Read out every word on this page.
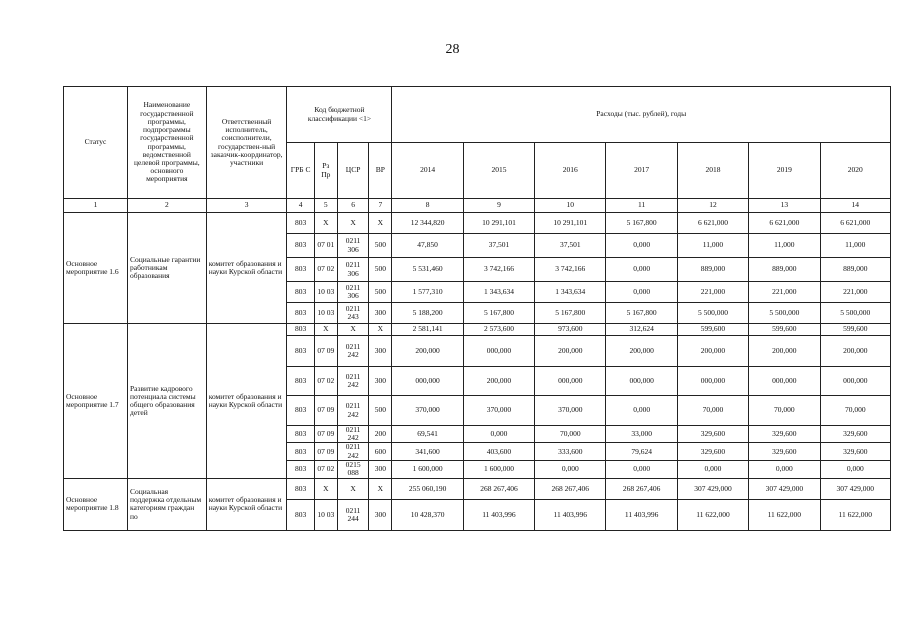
28
Статус	Наименование государственной программы, подпрограммы государственной программы, ведомственной целевой программы, основного мероприятия	Ответственный исполнитель, соисполнители, государствен-ный заказчик-координатор, участники	Код бюджетной классификации <1>				Расходы (тыс. рублей), годы						
			ГРБ С	Рз Пр	ЦСР	ВР	2014	2015	2016	2017	2018	2019	2020
1	2	3	4	5	6	7	8	9	10	11	12	13	14
Основное мероприятие 1.6	Социальные гарантии работникам образования	комитет образования и науки Курской области	803	X	X	X	12 344,820	10 291,101	10 291,101	5 167,800	6 621,000	6 621,000	6 621,000
			803	07 01	0211 306	500	47,850	37,501	37,501	0,000	11,000	11,000	11,000
			803	07 02	0211 306	500	5 531,460	3 742,166	3 742,166	0,000	889,000	889,000	889,000
			803	10 03	0211 306	500	1 577,310	1 343,634	1 343,634	0,000	221,000	221,000	221,000
			803	10 03	0211 243	300	5 188,200	5 167,800	5 167,800	5 167,800	5 500,000	5 500,000	5 500,000
Основное мероприятие 1.7	Развитие кадрового потенциала системы общего образования детей	комитет образования и науки Курской области	803	X	X	X	2 581,141	2 573,600	973,600	312,624	599,600	599,600	599,600
			803	07 09	0211 242	300	200,000	000,000	200,000	200,000	200,000	200,000	200,000
			803	07 02	0211 242	300	000,000	200,000	000,000	000,000	000,000	000,000	000,000
			803	07 09	0211 242	500	370,000	370,000	370,000	0,000	70,000	70,000	70,000
			803	07 09	0211 242	200	69,541	0,000	70,000	33,000	329,600	329,600	329,600
			803	07 09	0211 242	600	341,600	403,600	333,600	79,624	329,600	329,600	329,600
			803	07 02	0215 088	300	1 600,000	1 600,000	0,000	0,000	0,000	0,000	0,000
Основное мероприятие 1.8	Социальная поддержка отдельным категориям граждан по	комитет образования и науки Курской области	803	X	X	X	255 060,190	268 267,406	268 267,406	268 267,406	307 429,000	307 429,000	307 429,000
			803	10 03	0211 244	300	10 428,370	11 403,996	11 403,996	11 403,996	11 622,000	11 622,000	11 622,000
